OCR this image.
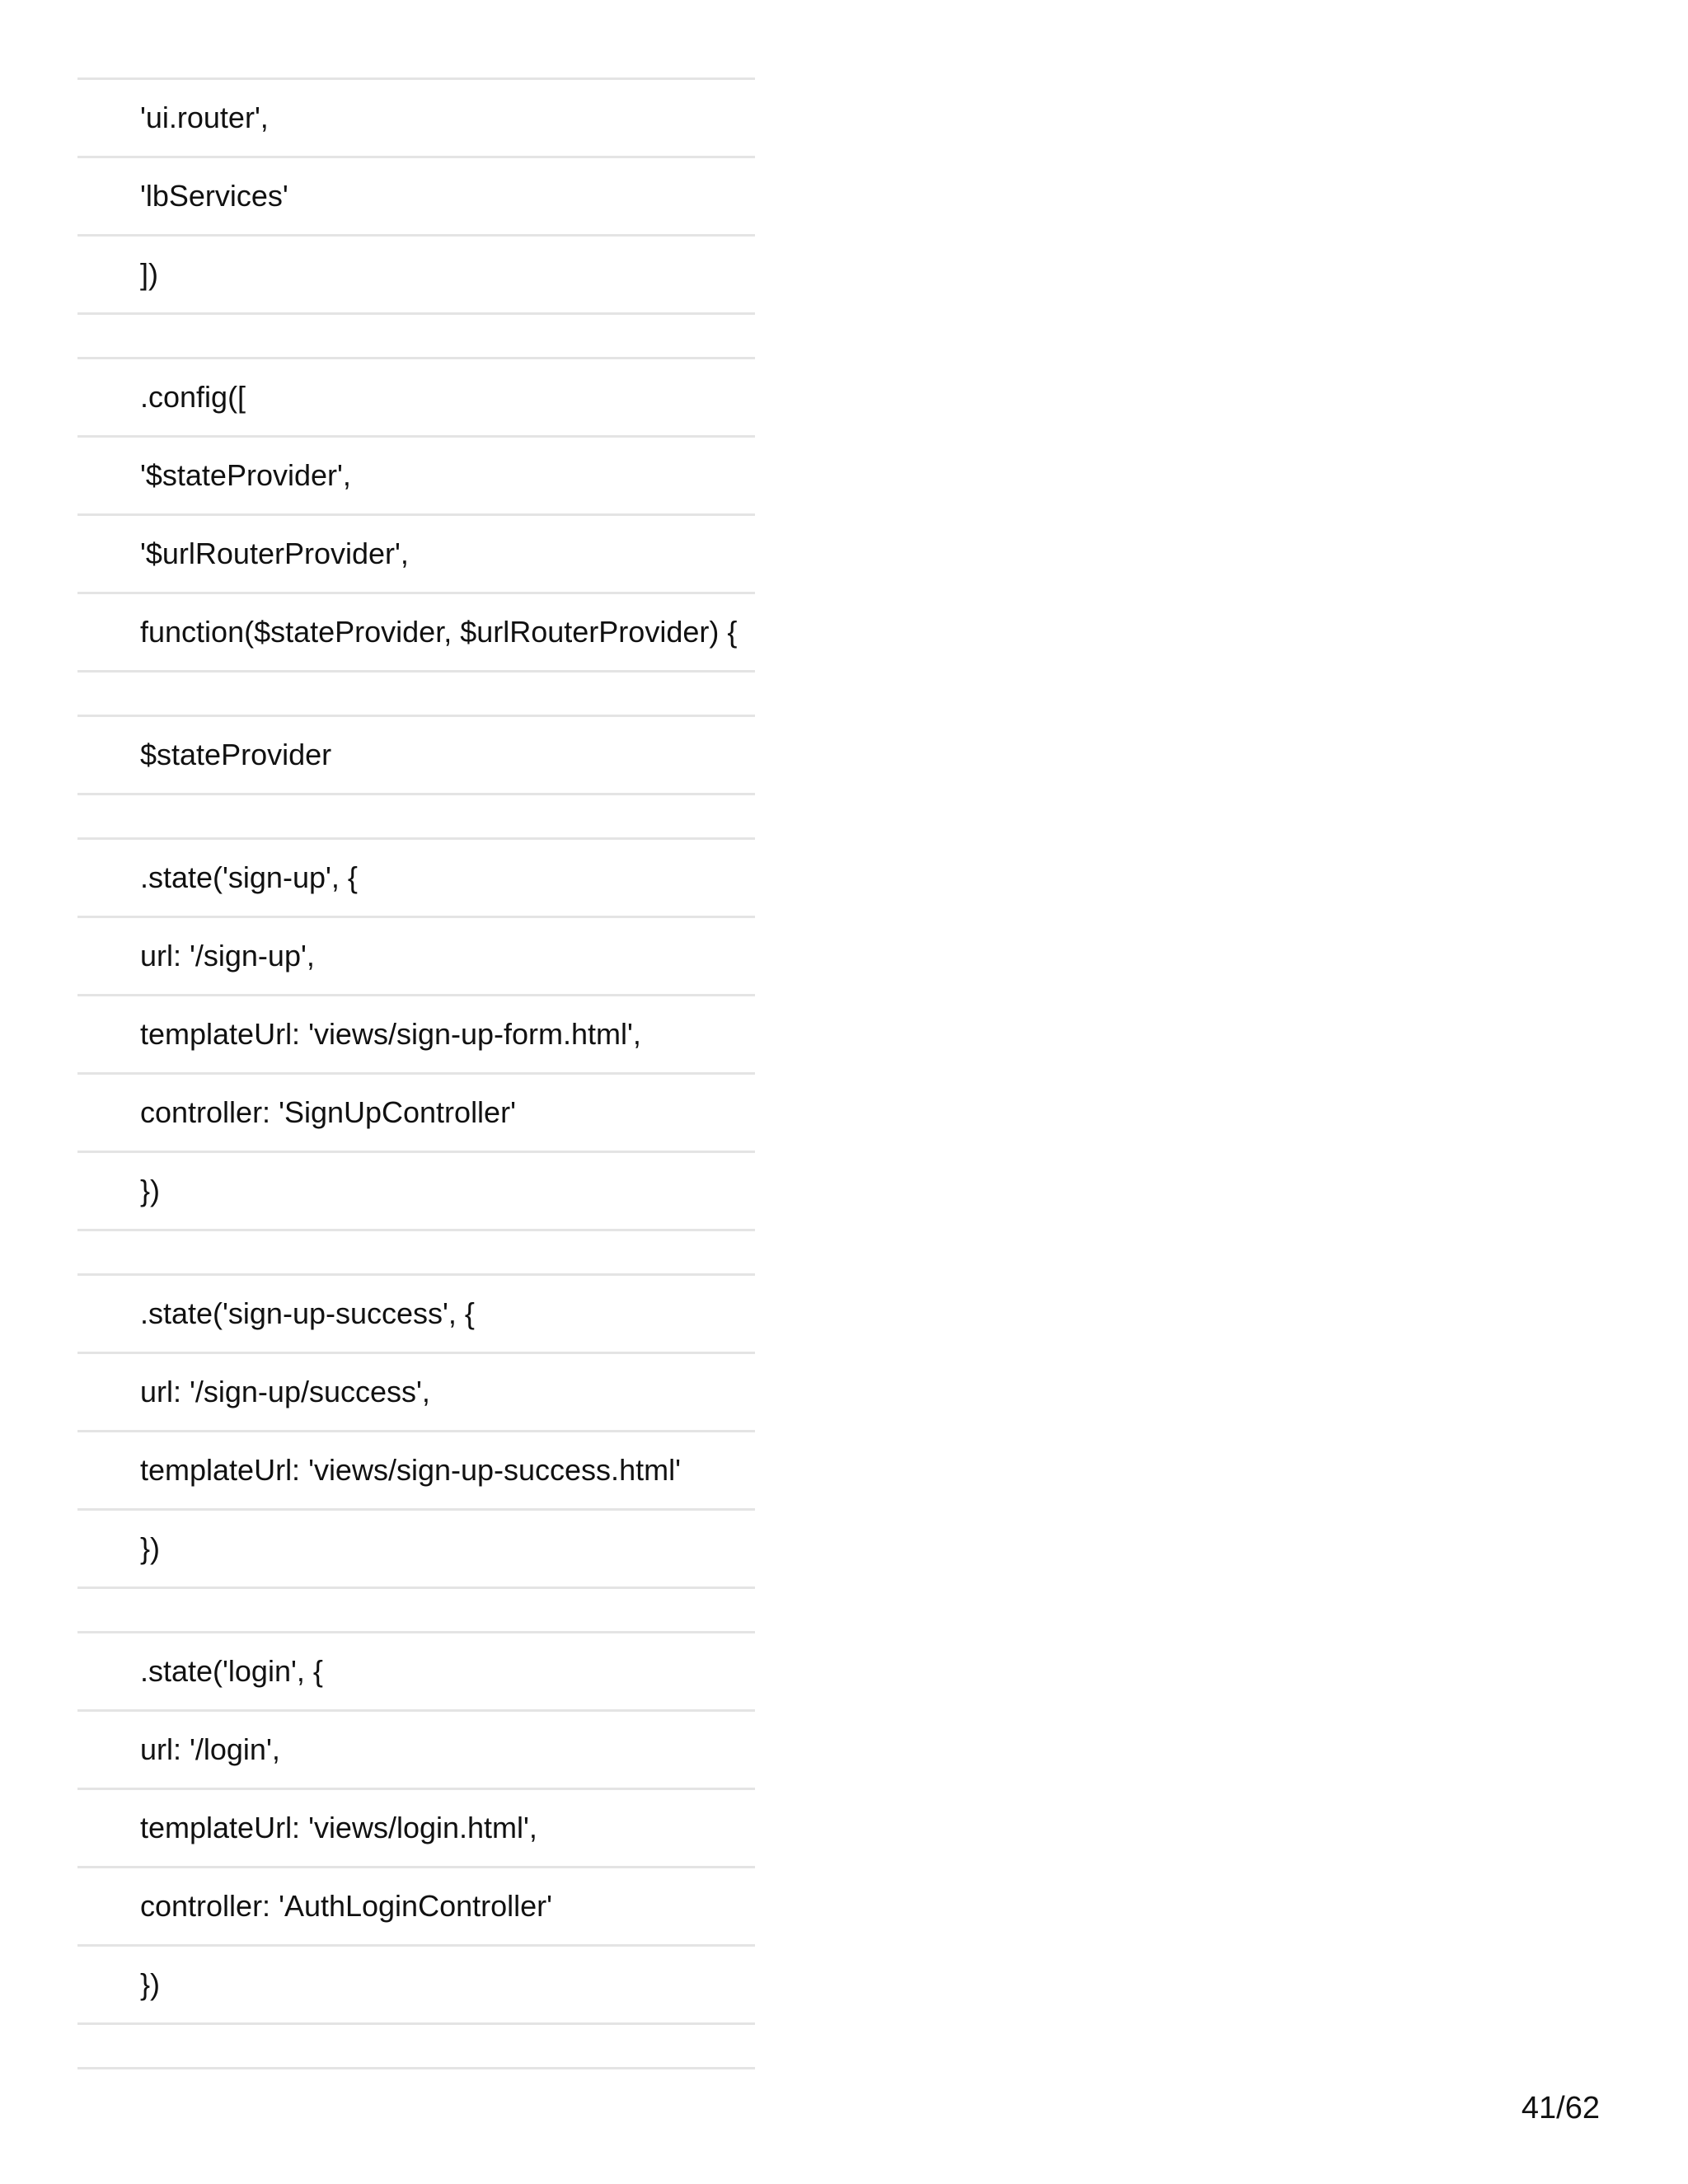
'ui.router',
'lbServices'
])
.config([
'$stateProvider',
'$urlRouterProvider',
function($stateProvider, $urlRouterProvider) {
$stateProvider
.state('sign-up', {
url: '/sign-up',
templateUrl: 'views/sign-up-form.html',
controller: 'SignUpController'
})
.state('sign-up-success', {
url: '/sign-up/success',
templateUrl: 'views/sign-up-success.html'
})
.state('login', {
url: '/login',
templateUrl: 'views/login.html',
controller: 'AuthLoginController'
})
41/62
